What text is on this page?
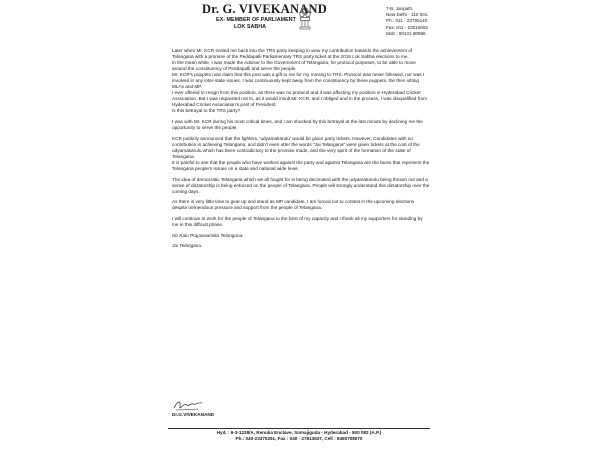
Dr. G. VIVEKANAND
EX- MEMBER OF PARLIAMENT
LOK SABHA
7-B, Janpath,
New Delhi - 110 001.
Ph.: 011 - 23795140
Fax: 011 - 23016082
Mob : 90131 80986

Later when Mr. KCR invited me back into the TRS party keeping in view my contribution towards the achievement of Telangana with a promise of the Peddapalli Parliamentary TRS party ticket at the 2019 Lok Sabha elections to me.

In the mean while, I was made the Advisor to the Government of Telangana, for protocol purposes, to be able to move around the constituency of Peddapalli and serve the people.

Mr. KCR's puppets now claim that this post was a gift to me for my moving to TRS. Protocol was never followed, nor was I involved in any inter-state issues. I was continuously kept away from the constituency by these puppets, the then sitting MLAs and MP.

I ever offered to resign from this position, as there was no protocol and it was affecting my position in Hyderabad Cricket Association. But I was requested not to, as it would insult Mr. KCR, and I obliged and in the process, I was disqualified from Hyderabad Cricket Association's post of President.

Is this betrayal to the TRS party?

I was with Mr. KCR during his most critical times, and I am shocked by this betrayal at the last minute by declining me the opportunity to serve the people.

KCR publicly announced that the fighters, 'udyamakarulu' would be given party tickets. However, Candidates with no contribution in achieving Telangana, and didn't even utter the words "Jai Telangana" were given tickets at the cost of the udyamakarulu which has been contradictory to the promise made, and the very spirit of the formation of the state of Telangana.

It is painful to see that the people who have worked against the party and against Telangana are the faces that represent the Telangana people's issues on a state and national wide level.

The idea of democratic Telangana which we all fought for is being decimated with the udyamakarulu being thrown out and a sense of dictatorship is being enforced on the people of Telangana. People will strongly understand this dictatorship over the coming days.

As there is very little time to gear up and stand as MP candidate, I am forced not to contest in the upcoming elections despite tremendous pressure and support from the people of Telangana.

I will continue to work for the people of Telangana to the best of my capacity and I thank all my supporters for standing by me in this difficult phase.

No Kalu Prajaswamiko Telangana.

Jai Telangana.

Dr.G.VIVEKANAND
Hyd. : 6-3-1238/A, Renuka Enclave, Somajiguda - Hyderabad - 500 082 (A.P.)
Ph.: 040-23370291, Fax : 040 - 27813637, Cell : 9490708070
